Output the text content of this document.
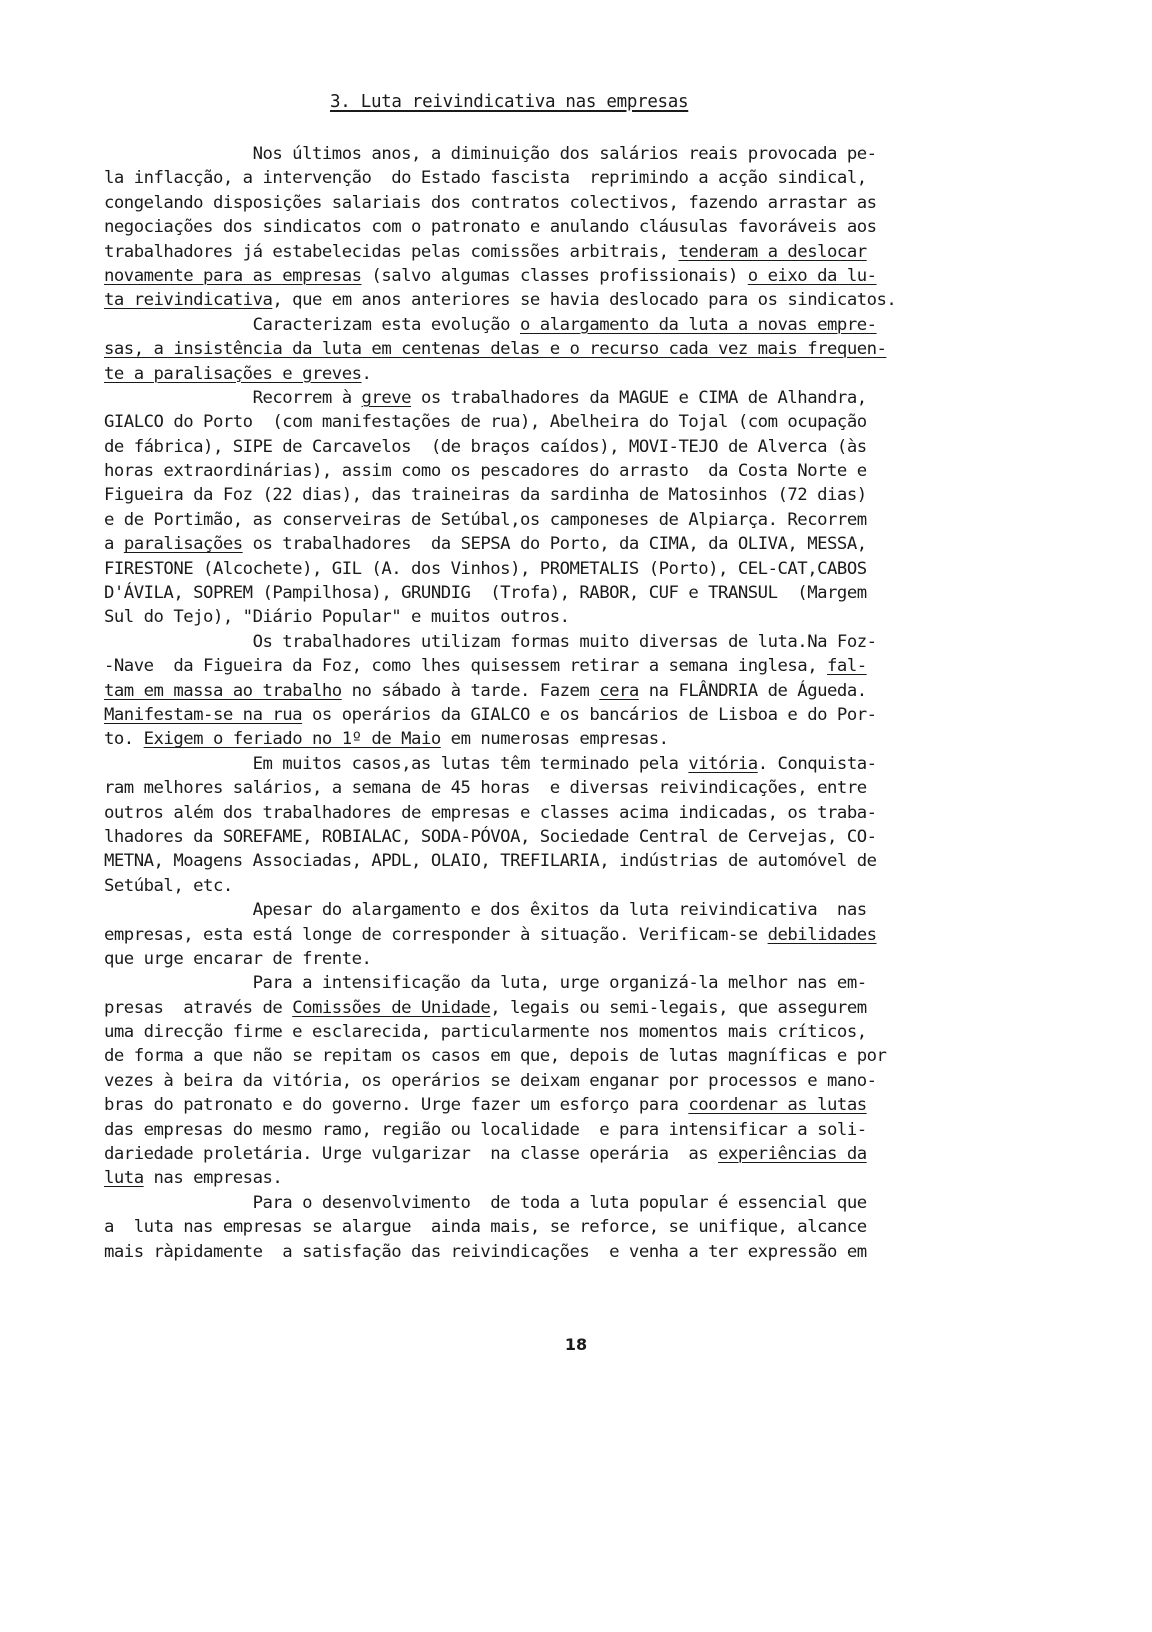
3. Luta reivindicativa nas empresas
Nos últimos anos, a diminuição dos salários reais provocada pe-
la inflacção, a intervenção  do Estado fascista  reprimindo a acção sindical,
congelando disposições salariais dos contratos colectivos, fazendo arrastar as
negociações dos sindicatos com o patronato e anulando cláusulas favoráveis aos
trabalhadores já estabelecidas pelas comissões arbitrais, tenderam a deslocar
novamente para as empresas (salvo algumas classes profissionais) o eixo da lu-
ta reivindicativa, que em anos anteriores se havia deslocado para os sindicatos.
Caracterizam esta evolução o alargamento da luta a novas empre-
sas, a insistência da luta em centenas delas e o recurso cada vez mais frequen-
te a paralisações e greves.
Recorrem à greve os trabalhadores da MAGUE e CIMA de Alhandra,
GIALCO do Porto  (com manifestações de rua), Abelheira do Tojal (com ocupação
de fábrica), SIPE de Carcavelos  (de braços caídos), MOVI-TEJO de Alverca (às
horas extraordinárias), assim como os pescadores do arrasto  da Costa Norte e
Figueira da Foz (22 dias), das traineiras da sardinha de Matosinhos (72 dias)
e de Portimão, as conserveiras de Setúbal,os camponeses de Alpiarça. Recorrem
a paralisações os trabalhadores  da SEPSA do Porto, da CIMA, da OLIVA, MESSA,
FIRESTONE (Alcochete), GIL (A. dos Vinhos), PROMETALIS (Porto), CEL-CAT,CABOS
D'ÁVILA, SOPREM (Pampilhosa), GRUNDIG  (Trofa), RABOR, CUF e TRANSUL  (Margem
Sul do Tejo), "Diário Popular" e muitos outros.
Os trabalhadores utilizam formas muito diversas de luta.Na Foz-
-Nave  da Figueira da Foz, como lhes quisessem retirar a semana inglesa, fal-
tam em massa ao trabalho no sábado à tarde. Fazem cera na FLÂNDRIA de Águeda.
Manifestam-se na rua os operários da GIALCO e os bancários de Lisboa e do Por-
to. Exigem o feriado no 1º de Maio em numerosas empresas.
Em muitos casos,as lutas têm terminado pela vitória. Conquista-
ram melhores salários, a semana de 45 horas  e diversas reivindicações, entre
outros além dos trabalhadores de empresas e classes acima indicadas, os traba-
lhadores da SOREFAME, ROBIALAC, SODA-PÓVOA, Sociedade Central de Cervejas, CO-
METNA, Moagens Associadas, APDL, OLAIO, TREFILARIA, indústrias de automóvel de
Setúbal, etc.
Apesar do alargamento e dos êxitos da luta reivindicativa  nas
empresas, esta está longe de corresponder à situação. Verificam-se debilidades
que urge encarar de frente.
Para a intensificação da luta, urge organizá-la melhor nas em-
presas  através de Comissões de Unidade, legais ou semi-legais, que assegurem
uma direcção firme e esclarecida, particularmente nos momentos mais críticos,
de forma a que não se repitam os casos em que, depois de lutas magníficas e por
vezes à beira da vitória, os operários se deixam enganar por processos e mano-
bras do patronato e do governo. Urge fazer um esforço para coordenar as lutas
das empresas do mesmo ramo, região ou localidade  e para intensificar a soli-
dariedade proletária. Urge vulgarizar  na classe operária  as experiências da
luta nas empresas.
Para o desenvolvimento  de toda a luta popular é essencial que
a  luta nas empresas se alargue  ainda mais, se reforce, se unifique, alcance
mais ràpidamente  a satisfação das reivindicações  e venha a ter expressão em
18
